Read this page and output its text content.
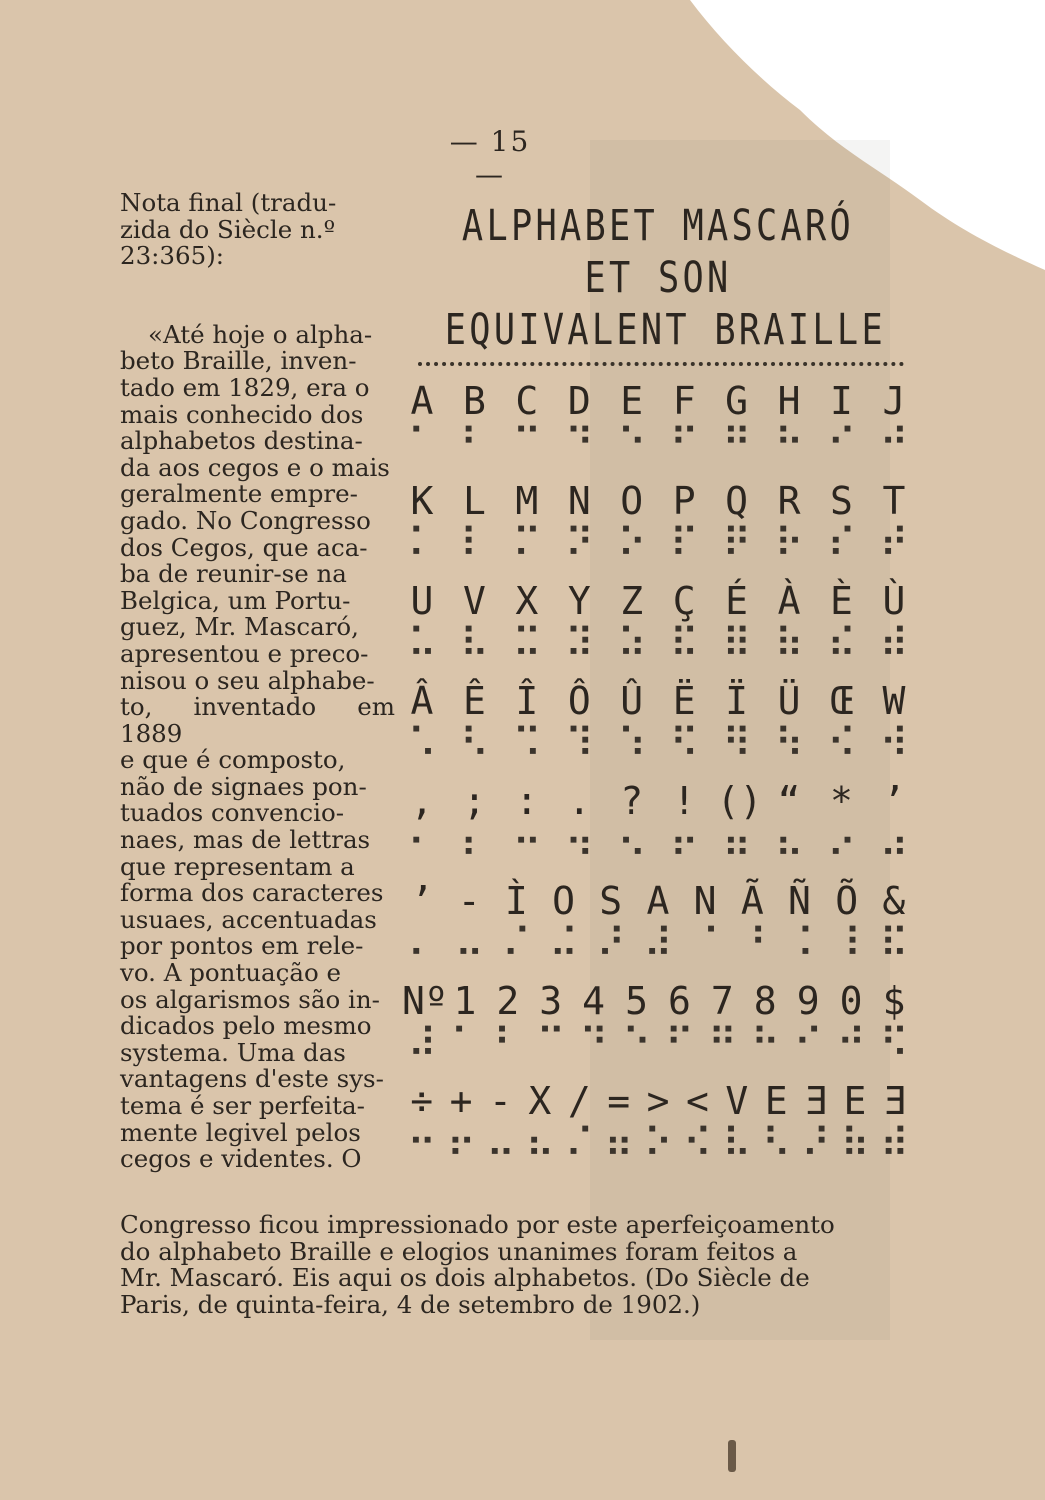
— 15 —

Nota final (tradu-
zida do Siècle n.º
23:365):

«Até hoje o alpha-
beto Braille, inven-
tado em 1829, era o
mais conhecido dos
alphabetos destina-
da aos cegos e o mais
geralmente empre-
gado. No Congresso
dos Cegos, que aca-
ba de reunir-se na
Belgica, um Portu-
guez, Mr. Mascaró,
apresentou e preco-
nisou o seu alphabe-
to, inventado em 1889
e que é composto,
não de signaes pon-
tuados convencio-
naes, mas de lettras
que representam a
forma dos caracteres
usuaes, accentuadas
por pontos em rele-
vo. A pontuação e
os algarismos são in-
dicados pelo mesmo
systema. Uma das
vantagens d'este sys-
tema é ser perfeita-
mente legivel pelos
cegos e videntes. O

ALPHABET MASCARÓ
ET SON
EQUIVALENT BRAILLE
A B C D E F G H I J
⠁ ⠃ ⠉ ⠙ ⠑ ⠋ ⠛ ⠓ ⠊ ⠚
K L M N O P Q R S T
⠅ ⠇ ⠍ ⠝ ⠕ ⠏ ⠟ ⠗ ⠎ ⠞
U V X Y Z Ç É À È Ù
⠥ ⠧ ⠭ ⠽ ⠵ ⠯ ⠿ ⠷ ⠮ ⠾
Â Ê Î Ô Û Ë Ï Ü Œ W
⠡ ⠣ ⠩ ⠹ ⠱ ⠫ ⠻ ⠳ ⠪ ⠺
, ; : . ? ! () “ * ’
⠂ ⠆ ⠒ ⠲ ⠢ ⠖ ⠶ ⠦ ⠔ ⠴
’ - Ì O S A N Ã Ñ Õ &
⠄ ⠤ ⠌ ⠬ ⠜ ⠼ ⠈ ⠘ ⠨ ⠸ ⠯
Nº 1 2 3 4 5 6 7 8 9 0 $
⠼ ⠁ ⠃ ⠉ ⠙ ⠑ ⠋ ⠛ ⠓ ⠊ ⠚ ⠫
÷ + - X / = > < V E Ǝ E Ǝ
⠒ ⠖ ⠤ ⠦ ⠌ ⠶ ⠕ ⠪ ⠧ ⠣ ⠜ ⠷ ⠾

Congresso ficou impressionado por este aperfeiçoamento

do alphabeto Braille e elogios unanimes foram feitos a

Mr. Mascaró. Eis aqui os dois alphabetos. (Do Siècle de

Paris, de quinta-feira, 4 de setembro de 1902.)
